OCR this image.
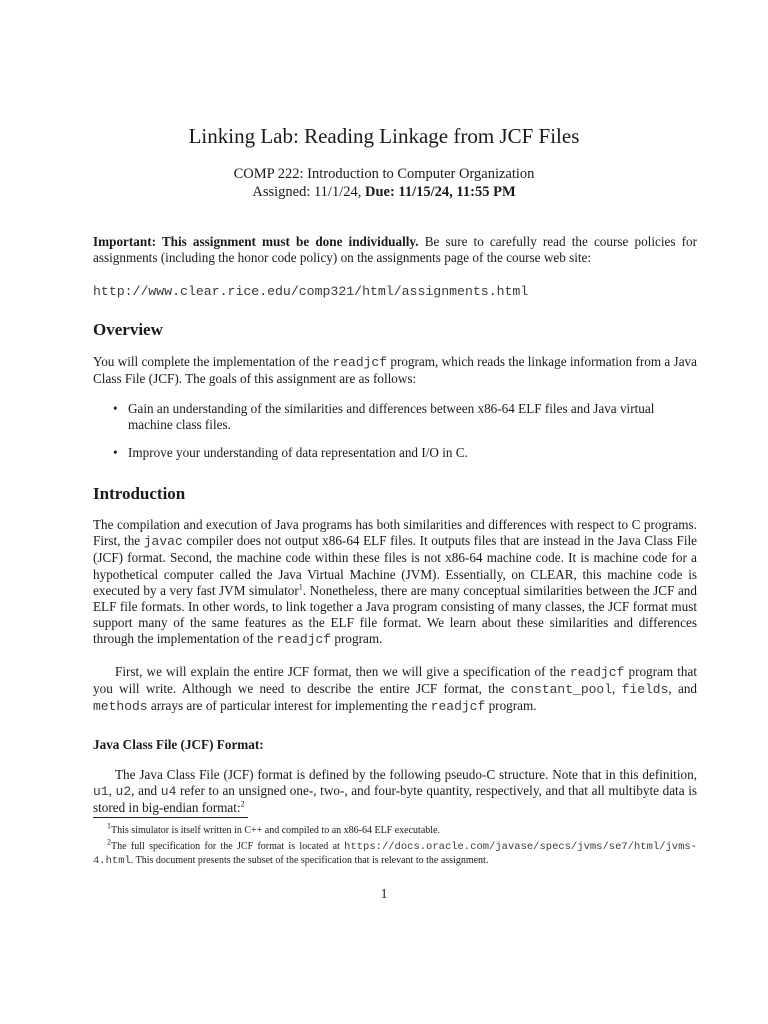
Linking Lab: Reading Linkage from JCF Files
COMP 222: Introduction to Computer Organization
Assigned: 11/1/24, Due: 11/15/24, 11:55 PM
Important: This assignment must be done individually. Be sure to carefully read the course policies for assignments (including the honor code policy) on the assignments page of the course web site:
http://www.clear.rice.edu/comp321/html/assignments.html
Overview
You will complete the implementation of the readjcf program, which reads the linkage information from a Java Class File (JCF). The goals of this assignment are as follows:
• Gain an understanding of the similarities and differences between x86-64 ELF files and Java virtual machine class files.
• Improve your understanding of data representation and I/O in C.
Introduction
The compilation and execution of Java programs has both similarities and differences with respect to C programs. First, the javac compiler does not output x86-64 ELF files. It outputs files that are instead in the Java Class File (JCF) format. Second, the machine code within these files is not x86-64 machine code. It is machine code for a hypothetical computer called the Java Virtual Machine (JVM). Essentially, on CLEAR, this machine code is executed by a very fast JVM simulator$^1$. Nonetheless, there are many conceptual similarities between the JCF and ELF file formats. In other words, to link together a Java program consisting of many classes, the JCF format must support many of the same features as the ELF file format. We learn about these similarities and differences through the implementation of the readjcf program.
First, we will explain the entire JCF format, then we will give a specification of the readjcf program that you will write. Although we need to describe the entire JCF format, the constant_pool, fields, and methods arrays are of particular interest for implementing the readjcf program.
Java Class File (JCF) Format:
The Java Class File (JCF) format is defined by the following pseudo-C structure. Note that in this definition, u1, u2, and u4 refer to an unsigned one-, two-, and four-byte quantity, respectively, and that all multibyte data is stored in big-endian format:$^2$
$^1$This simulator is itself written in C++ and compiled to an x86-64 ELF executable.
$^2$The full specification for the JCF format is located at https://docs.oracle.com/javase/specs/jvms/se7/html/jvms-4.html. This document presents the subset of the specification that is relevant to the assignment.
1
